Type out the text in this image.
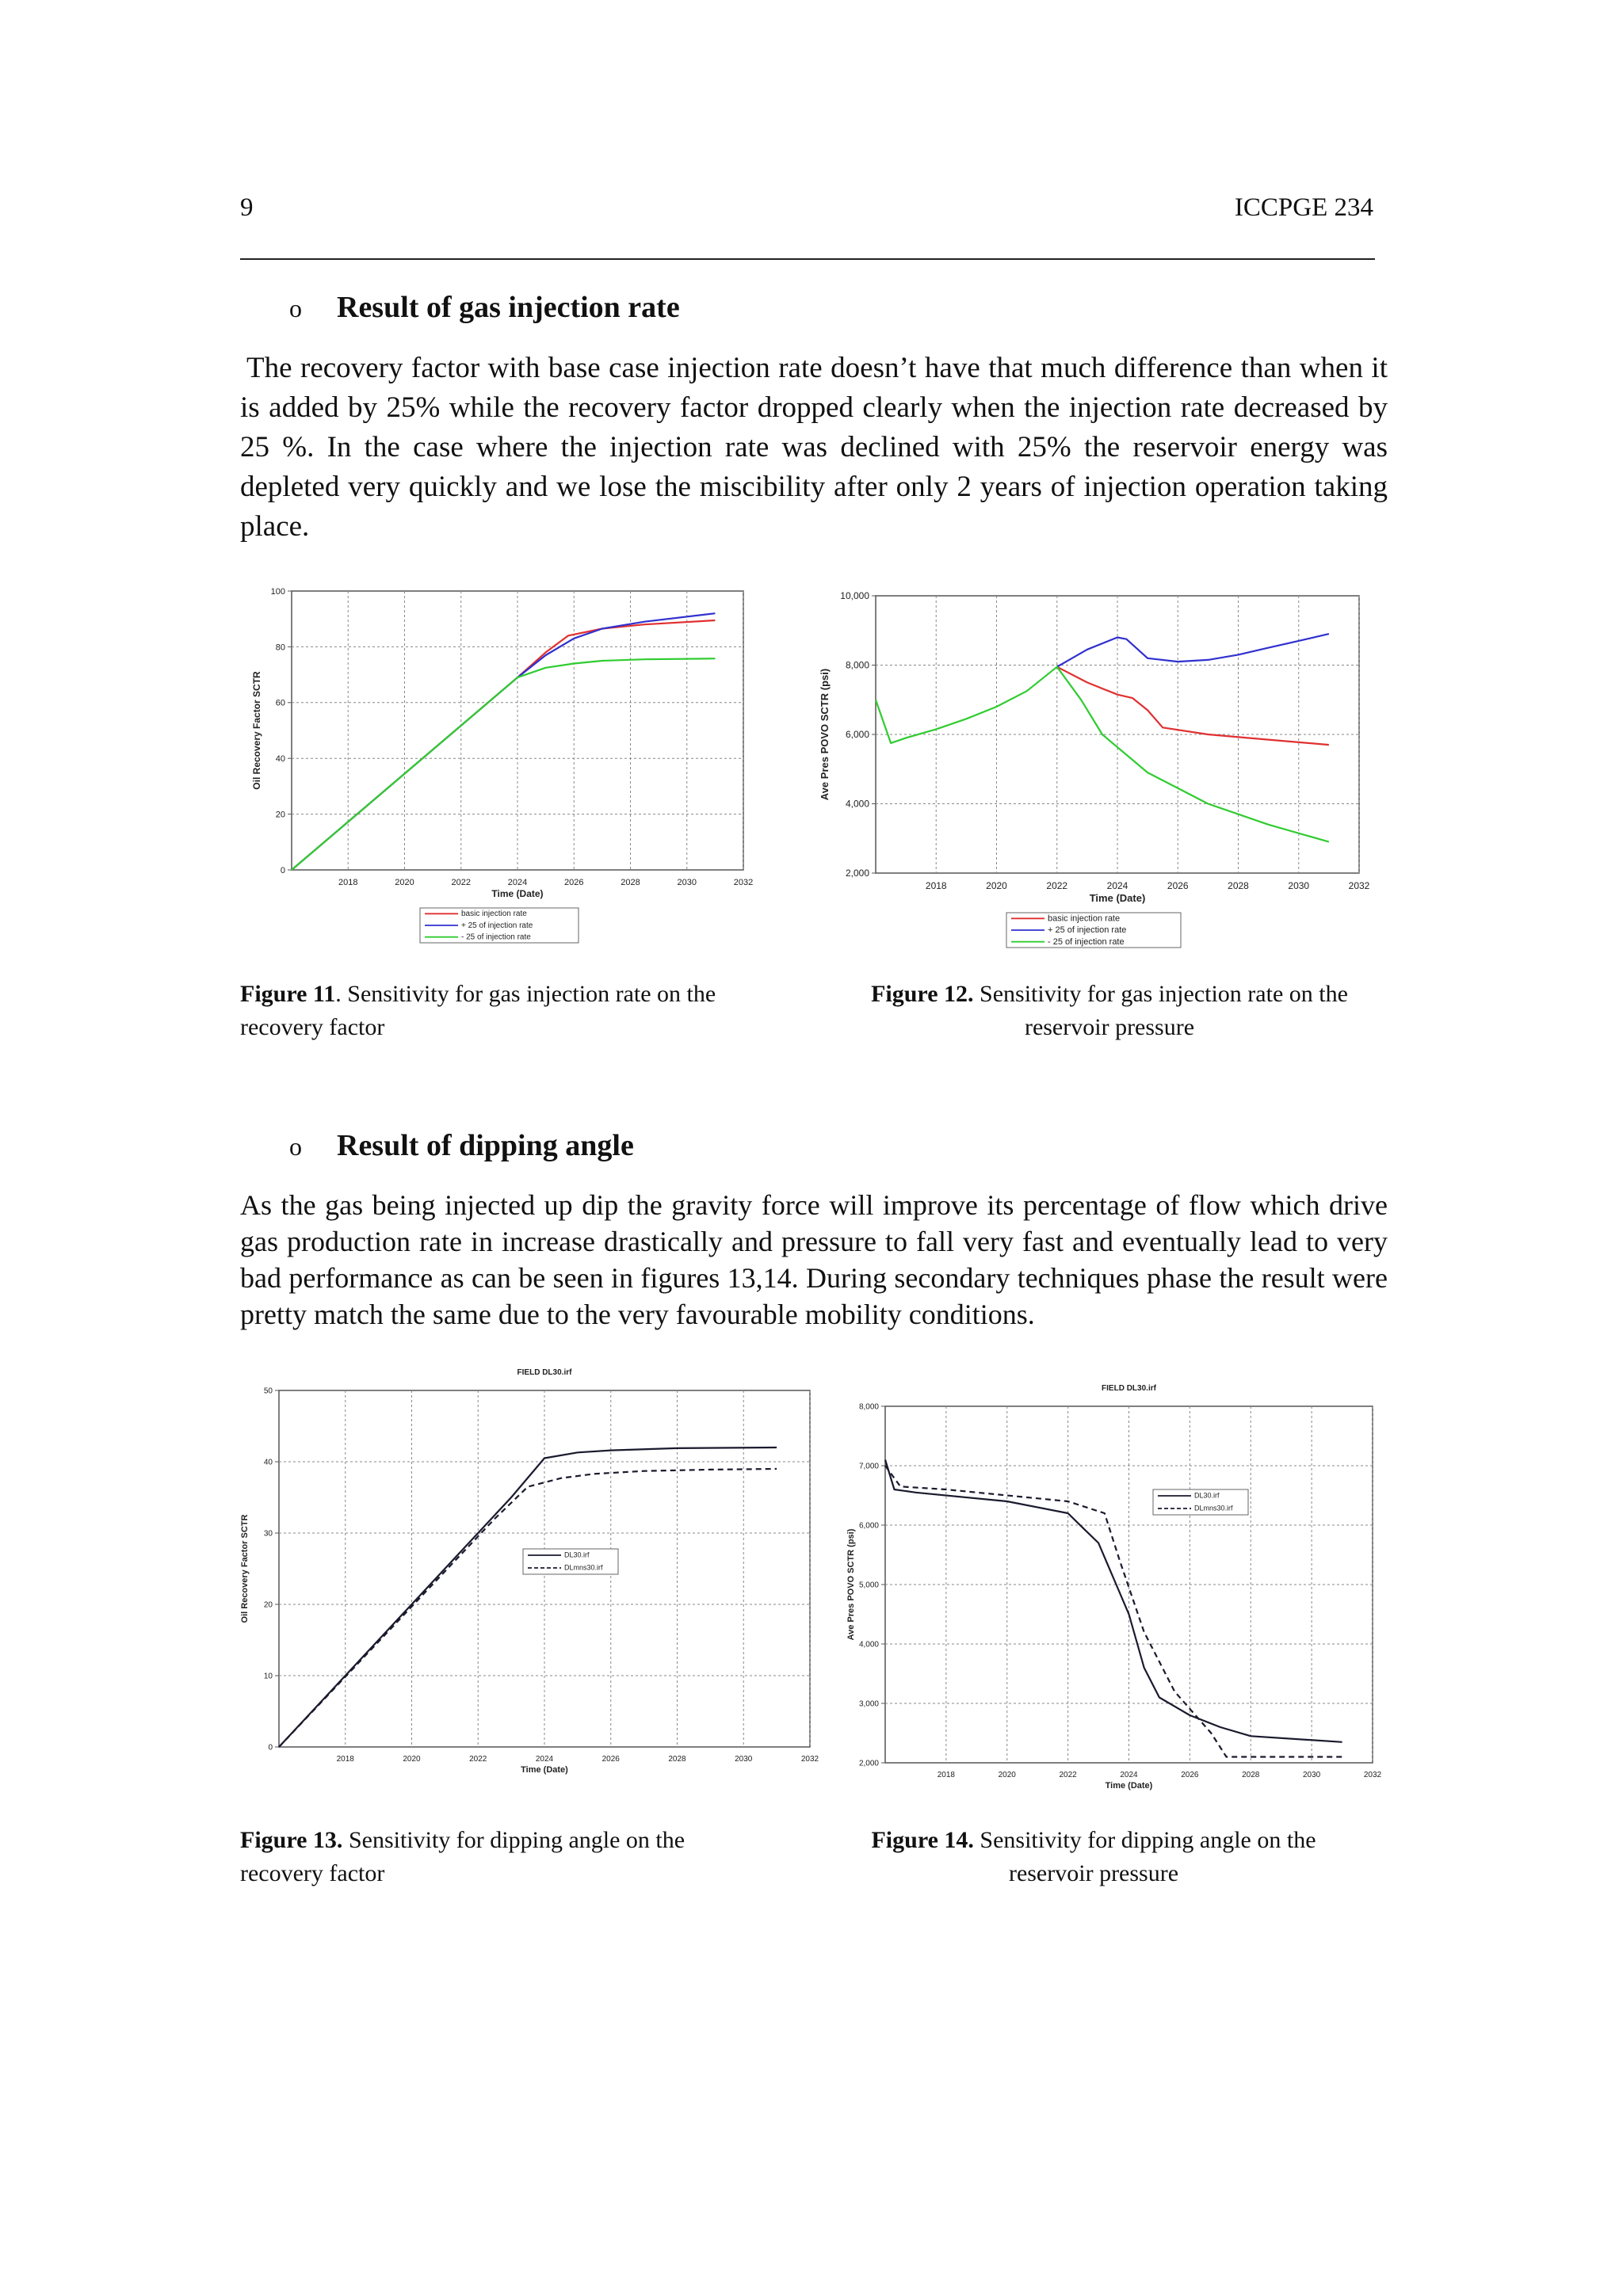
9	ICCPGE 234
o Result of gas injection rate
The recovery factor with base case injection rate doesn’t have that much difference than when it is added by 25% while the recovery factor dropped clearly when the injection rate decreased by 25 %. In the case where the injection rate was declined with 25% the reservoir energy was depleted very quickly and we lose the miscibility after only 2 years of injection operation taking place.
2018	2020	2022	2024	2026	2028	2030	2032
0
20
40
60
80
100
Time (Date)
Oil Recovery Factor SCTR
basic injection rate
+ 25 of injection rate
- 25 of injection rate
2018	2020	2022	2024	2026	2028	2030	2032
2,000
4,000
6,000
8,000
10,000
Time (Date)
Ave Pres POVO SCTR (psi)
basic injection rate
+ 25 of injection rate
- 25 of injection rate
Figure 11. Sensitivity for gas injection rate on the recovery factor
Figure 12. Sensitivity for gas injection rate on the reservoir pressure
o Result of dipping angle
As the gas being injected up dip the gravity force will improve its percentage of flow which drive gas production rate in increase drastically and pressure to fall very fast and eventually lead to very bad performance as can be seen in figures 13,14. During secondary techniques phase the result were pretty match the same due to the very favourable mobility conditions.
FIELD DL30.irf
2018	2020	2022	2024	2026	2028	2030	2032
0
10
20
30
40
50
Time (Date)
Oil Recovery Factor SCTR	DL30.irf
DLmns30.irf
FIELD DL30.irf
2018	2020	2022	2024	2026	2028	2030	2032
2,000
3,000
4,000
5,000
6,000
7,000
8,000
Time (Date)
Ave Pres POVO SCTR (psi)
DL30.irf
DLmns30.irf
Figure 13. Sensitivity for dipping angle on the recovery factor
Figure 14. Sensitivity for dipping angle on the reservoir pressure
